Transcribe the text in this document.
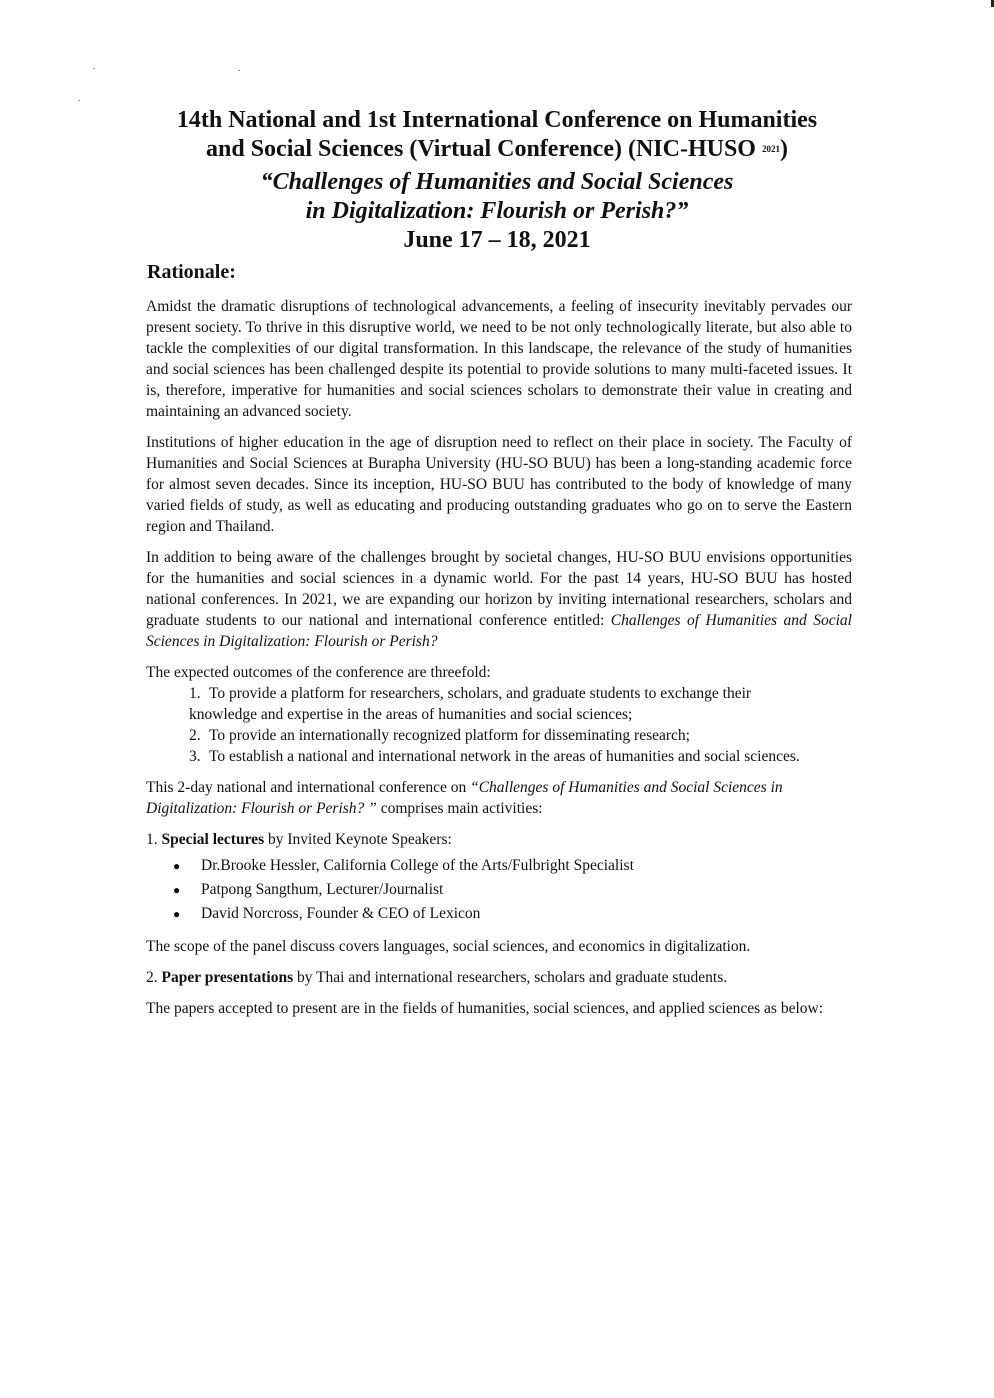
14th National and 1st International Conference on Humanities
and Social Sciences (Virtual Conference) (NIC-HUSO $^{2021}$)
“Challenges of Humanities and Social Sciences
in Digitalization: Flourish or Perish?”
June 17 – 18, 2021
Rationale:

Amidst the dramatic disruptions of technological advancements, a feeling of insecurity inevitably pervades our present society. To thrive in this disruptive world, we need to be not only technologically literate, but also able to tackle the complexities of our digital transformation. In this landscape, the relevance of the study of humanities and social sciences has been challenged despite its potential to provide solutions to many multi-faceted issues. It is, therefore, imperative for humanities and social sciences scholars to demonstrate their value in creating and maintaining an advanced society.

Institutions of higher education in the age of disruption need to reflect on their place in society. The Faculty of Humanities and Social Sciences at Burapha University (HU-SO BUU) has been a long-standing academic force for almost seven decades. Since its inception, HU-SO BUU has contributed to the body of knowledge of many varied fields of study, as well as educating and producing outstanding graduates who go on to serve the Eastern region and Thailand.

In addition to being aware of the challenges brought by societal changes, HU-SO BUU envisions opportunities for the humanities and social sciences in a dynamic world. For the past 14 years, HU-SO BUU has hosted national conferences. In 2021, we are expanding our horizon by inviting international researchers, scholars and graduate students to our national and international conference entitled: Challenges of Humanities and Social Sciences in Digitalization: Flourish or Perish?

The expected outcomes of the conference are threefold:
1. To provide a platform for researchers, scholars, and graduate students to exchange their
knowledge and expertise in the areas of humanities and social sciences;
2. To provide an internationally recognized platform for disseminating research;
3. To establish a national and international network in the areas of humanities and social sciences.

This 2-day national and international conference on “Challenges of Humanities and Social Sciences in Digitalization: Flourish or Perish? ” comprises main activities:

1. Special lectures by Invited Keynote Speakers:
●	Dr.Brooke Hessler, California College of the Arts/Fulbright Specialist
●	Patpong Sangthum, Lecturer/Journalist
●	David Norcross, Founder & CEO of Lexicon

The scope of the panel discuss covers languages, social sciences, and economics in digitalization.

2. Paper presentations by Thai and international researchers, scholars and graduate students.

The papers accepted to present are in the fields of humanities, social sciences, and applied sciences as below:
